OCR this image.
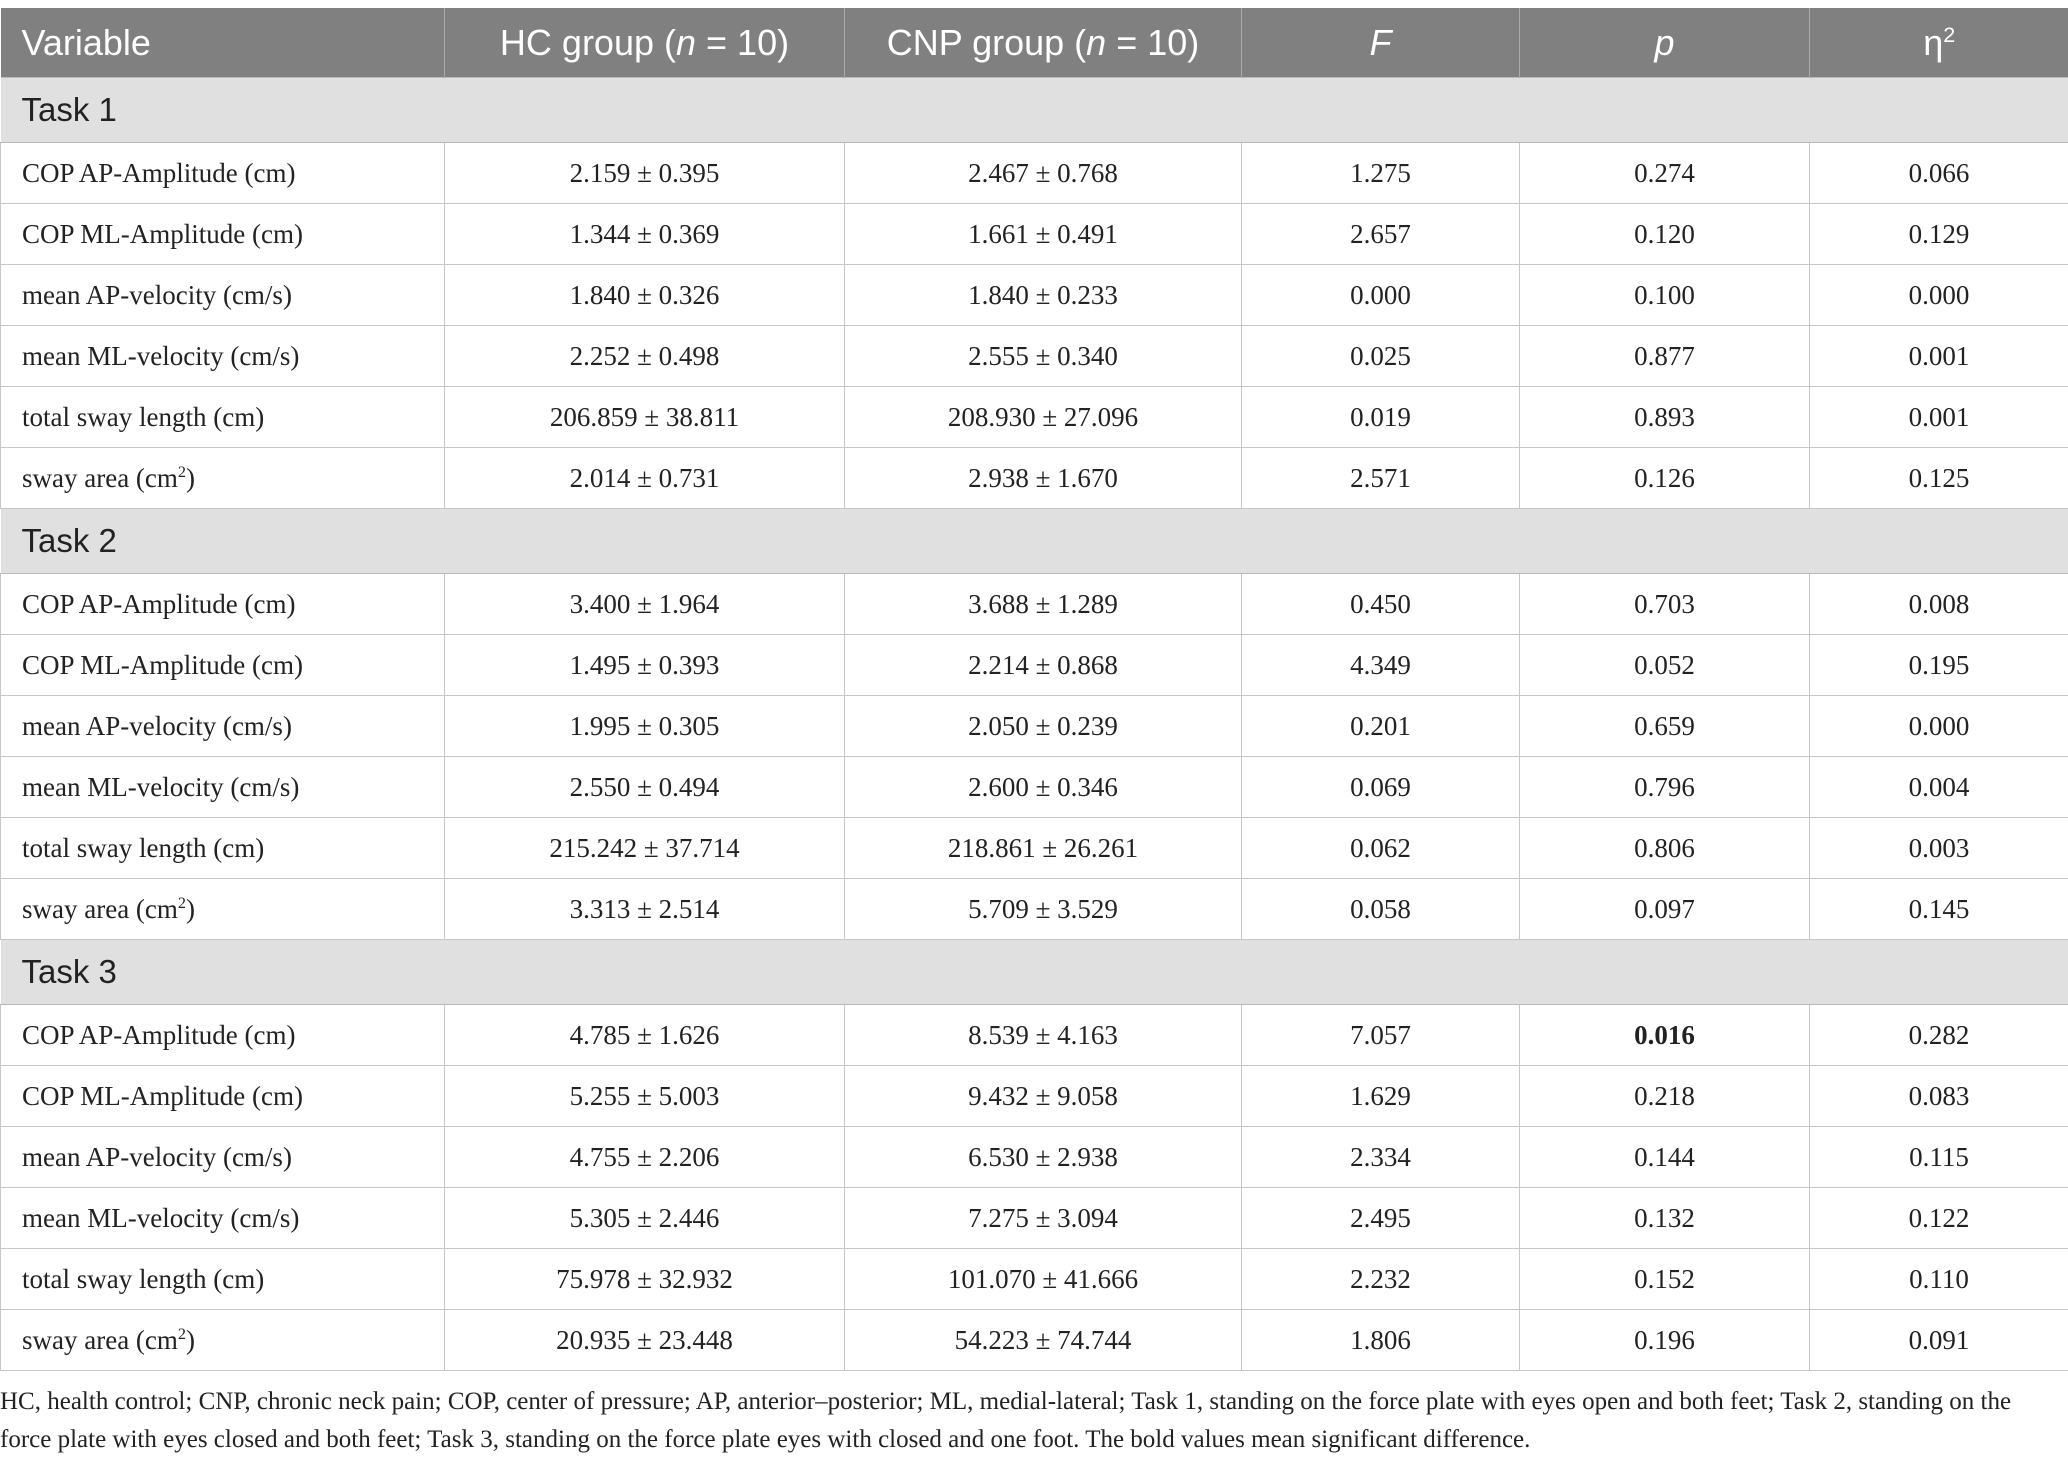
Variable	HC group (n = 10)	CNP group (n = 10)	F	p	$\eta^2$
Task 1					
COP AP-Amplitude (cm)	2.159 ± 0.395	2.467 ± 0.768	1.275	0.274	0.066
COP ML-Amplitude (cm)	1.344 ± 0.369	1.661 ± 0.491	2.657	0.120	0.129
mean AP-velocity (cm/s)	1.840 ± 0.326	1.840 ± 0.233	0.000	0.100	0.000
mean ML-velocity (cm/s)	2.252 ± 0.498	2.555 ± 0.340	0.025	0.877	0.001
total sway length (cm)	206.859 ± 38.811	208.930 ± 27.096	0.019	0.893	0.001
sway area $(cm^2)$	2.014 ± 0.731	2.938 ± 1.670	2.571	0.126	0.125
Task 2					
COP AP-Amplitude (cm)	3.400 ± 1.964	3.688 ± 1.289	0.450	0.703	0.008
COP ML-Amplitude (cm)	1.495 ± 0.393	2.214 ± 0.868	4.349	0.052	0.195
mean AP-velocity (cm/s)	1.995 ± 0.305	2.050 ± 0.239	0.201	0.659	0.000
mean ML-velocity (cm/s)	2.550 ± 0.494	2.600 ± 0.346	0.069	0.796	0.004
total sway length (cm)	215.242 ± 37.714	218.861 ± 26.261	0.062	0.806	0.003
sway area $(cm^2)$	3.313 ± 2.514	5.709 ± 3.529	0.058	0.097	0.145
Task 3					
COP AP-Amplitude (cm)	4.785 ± 1.626	8.539 ± 4.163	7.057	0.016	0.282
COP ML-Amplitude (cm)	5.255 ± 5.003	9.432 ± 9.058	1.629	0.218	0.083
mean AP-velocity (cm/s)	4.755 ± 2.206	6.530 ± 2.938	2.334	0.144	0.115
mean ML-velocity (cm/s)	5.305 ± 2.446	7.275 ± 3.094	2.495	0.132	0.122
total sway length (cm)	75.978 ± 32.932	101.070 ± 41.666	2.232	0.152	0.110
sway area $(cm^2)$	20.935 ± 23.448	54.223 ± 74.744	1.806	0.196	0.091
HC, health control; CNP, chronic neck pain; COP, center of pressure; AP, anterior–posterior; ML, medial-lateral; Task 1, standing on the force plate with eyes open and both feet; Task 2, standing on the force plate with eyes closed and both feet; Task 3, standing on the force plate eyes with closed and one foot. The bold values mean significant difference.
